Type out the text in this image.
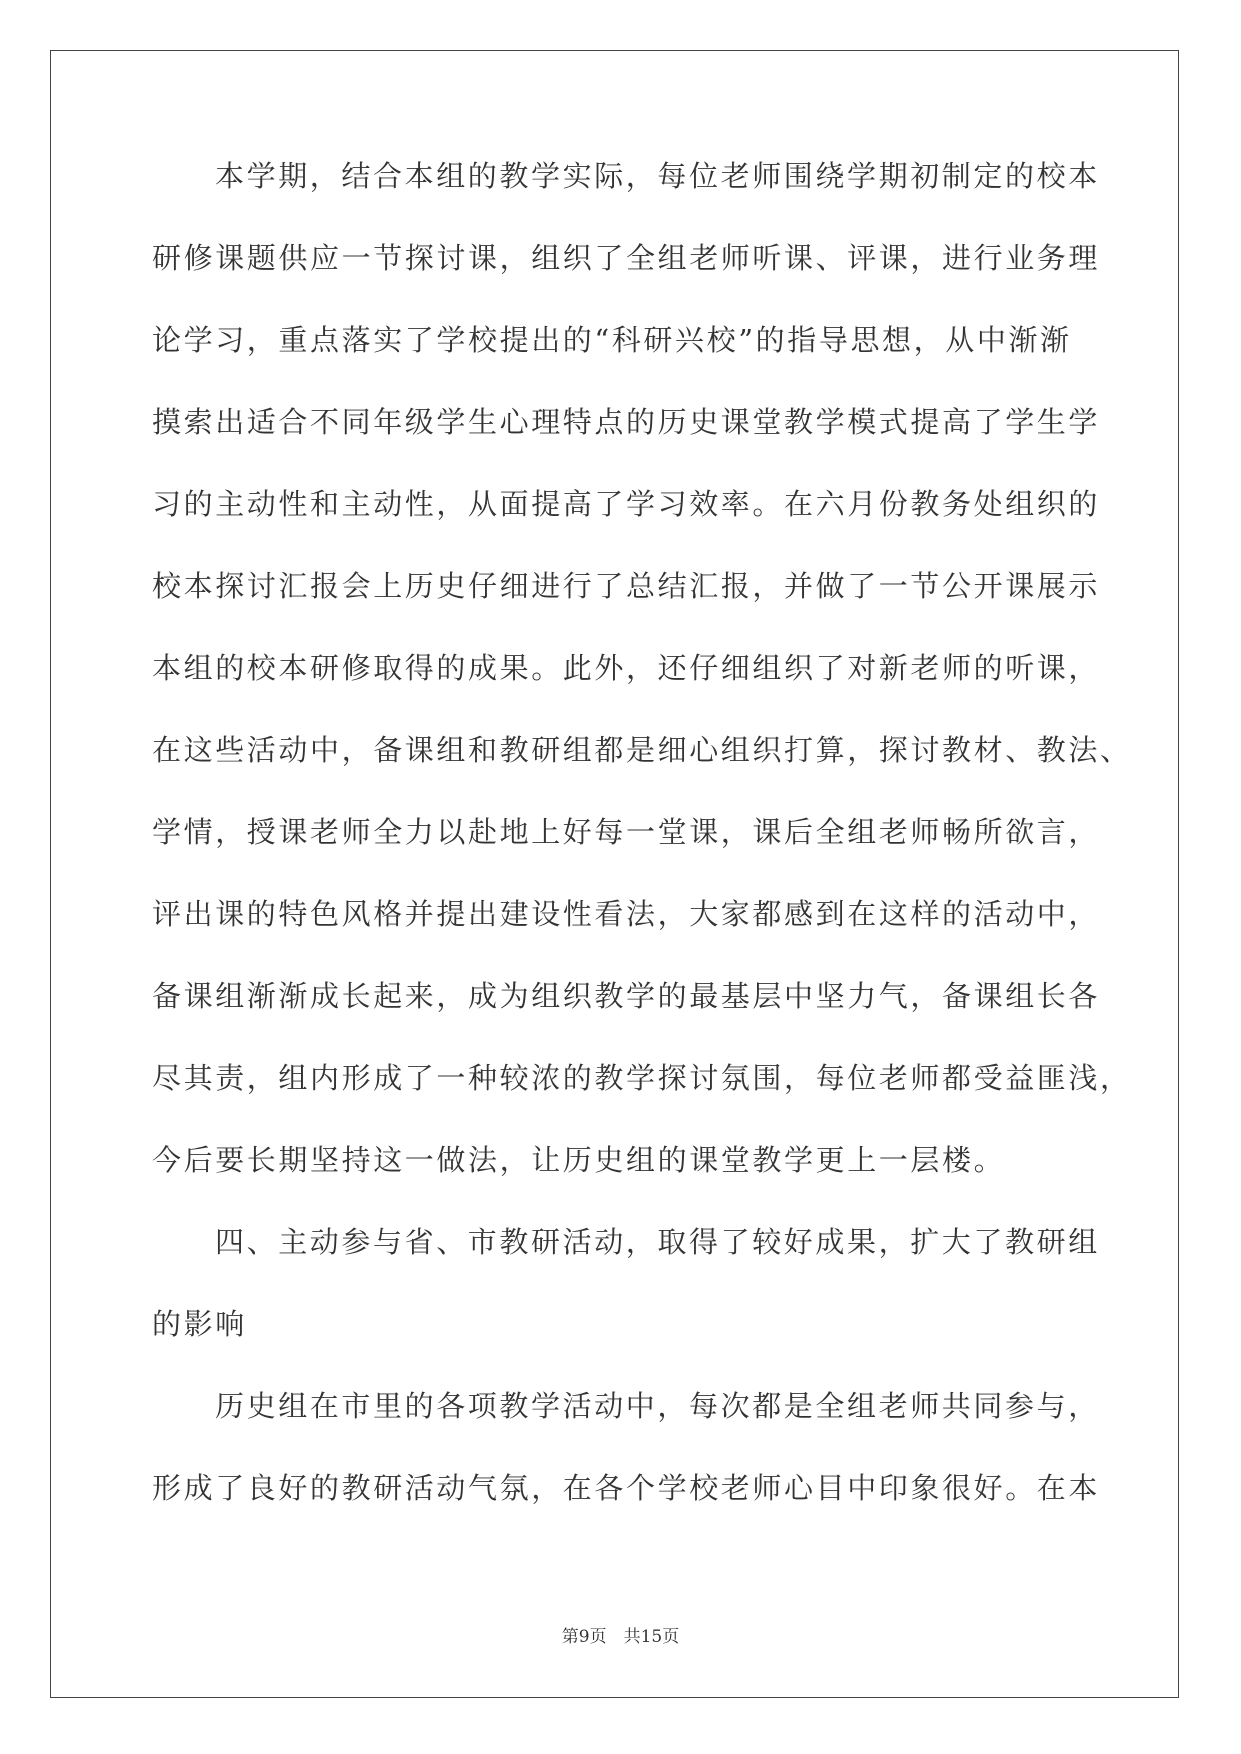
本学期，结合本组的教学实际，每位老师围绕学期初制定的校本
研修课题供应一节探讨课，组织了全组老师听课、评课，进行业务理
论学习，重点落实了学校提出的“科研兴校”的指导思想，从中渐渐
摸索出适合不同年级学生心理特点的历史课堂教学模式提高了学生学
习的主动性和主动性，从面提高了学习效率。在六月份教务处组织的
校本探讨汇报会上历史仔细进行了总结汇报，并做了一节公开课展示
本组的校本研修取得的成果。此外，还仔细组织了对新老师的听课，
在这些活动中，备课组和教研组都是细心组织打算，探讨教材、教法、
学情，授课老师全力以赴地上好每一堂课，课后全组老师畅所欲言，
评出课的特色风格并提出建设性看法，大家都感到在这样的活动中，
备课组渐渐成长起来，成为组织教学的最基层中坚力气，备课组长各
尽其责，组内形成了一种较浓的教学探讨氛围，每位老师都受益匪浅，
今后要长期坚持这一做法，让历史组的课堂教学更上一层楼。
四、主动参与省、市教研活动，取得了较好成果，扩大了教研组
的影响
历史组在市里的各项教学活动中，每次都是全组老师共同参与，
形成了良好的教研活动气氛，在各个学校老师心目中印象很好。在本
第9页　共15页
